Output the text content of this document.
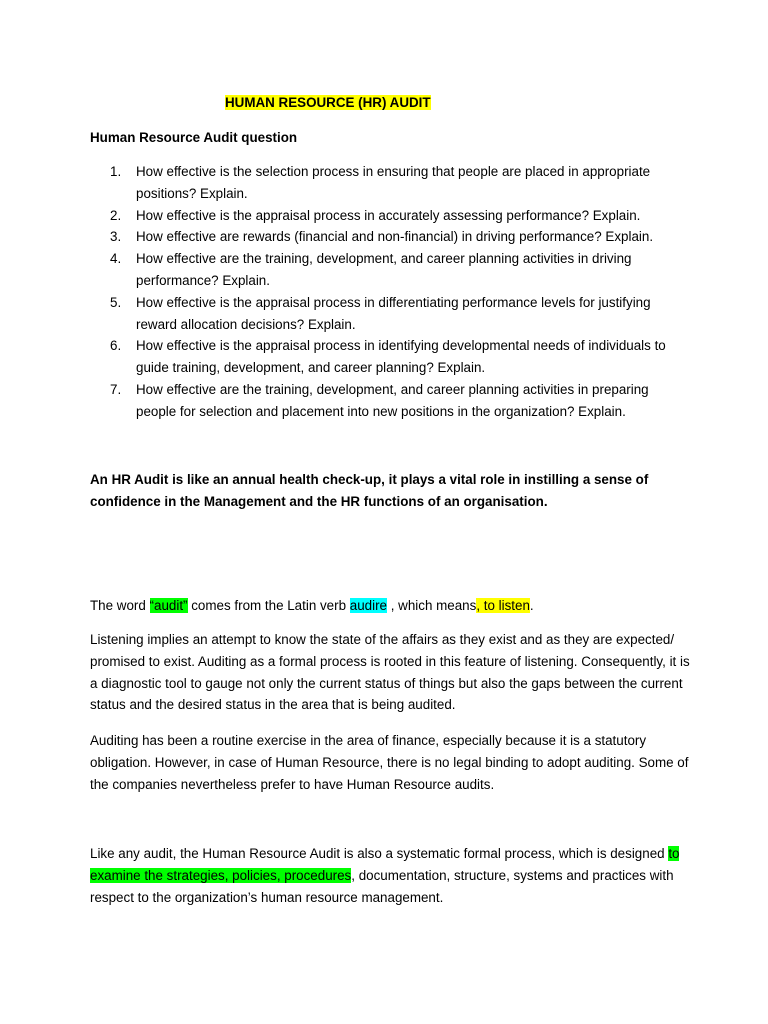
HUMAN RESOURCE (HR) AUDIT
Human Resource Audit question
1. How effective is the selection process in ensuring that people are placed in appropriate positions? Explain.
2. How effective is the appraisal process in accurately assessing performance? Explain.
3. How effective are rewards (financial and non-financial) in driving performance? Explain.
4. How effective are the training, development, and career planning activities in driving performance? Explain.
5. How effective is the appraisal process in differentiating performance levels for justifying reward allocation decisions? Explain.
6. How effective is the appraisal process in identifying developmental needs of individuals to guide training, development, and career planning? Explain.
7. How effective are the training, development, and career planning activities in preparing people for selection and placement into new positions in the organization? Explain.
An HR Audit is like an annual health check-up, it plays a vital role in instilling a sense of confidence in the Management and the HR functions of an organisation.

The word “audit” comes from the Latin verb audire , which means, to listen.

Listening implies an attempt to know the state of the affairs as they exist and as they are expected/ promised to exist. Auditing as a formal process is rooted in this feature of listening. Consequently, it is a diagnostic tool to gauge not only the current status of things but also the gaps between the current status and the desired status in the area that is being audited.

Auditing has been a routine exercise in the area of finance, especially because it is a statutory obligation. However, in case of Human Resource, there is no legal binding to adopt auditing. Some of the companies nevertheless prefer to have Human Resource audits.

Like any audit, the Human Resource Audit is also a systematic formal process, which is designed to examine the strategies, policies, procedures, documentation, structure, systems and practices with respect to the organization’s human resource management.
